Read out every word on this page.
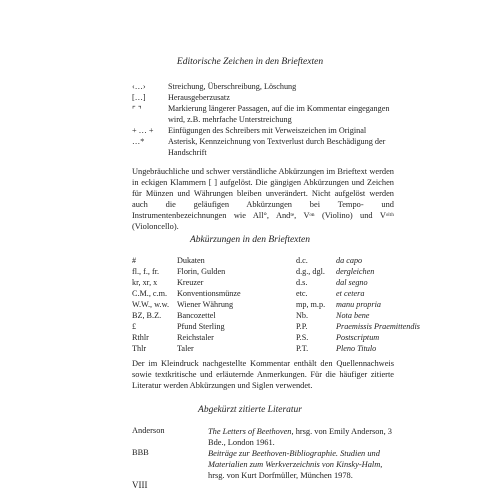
Editorische Zeichen in den Brieftexten
‹…›	Streichung, Überschreibung, Löschung
[…]	Herausgeberzusatz
⌜ ⌝	Markierung längerer Passagen, auf die im Kommentar eingegangen wird, z.B. mehrfache Unterstreichung
+ … + Einfügungen des Schreibers mit Verweiszeichen im Original
…*	Asterisk, Kennzeichnung von Textverlust durch Beschädigung der Handschrift
Ungebräuchliche und schwer verständliche Abkürzungen im Brieftext werden in eckigen Klammern [ ] aufgelöst. Die gängigen Abkürzungen und Zeichen für Münzen und Währungen bleiben unverändert. Nicht aufgelöst werden auch die geläufigen Abkürzungen bei Tempo- und Instrumentenbezeichnungen wie All°, Andᵗᵉ, Vᵒⁿ (Violino) und Vᵒˡᵗʰ (Violoncello).
Abkürzungen in den Brieftexten
#	Dukaten	d.c.	da capo
fl., f., fr. Florin, Gulden	d.g., dgl. dergleichen
kr, xr, x Kreuzer	d.s.	dal segno
C.M., c.m. Konventionsmünze	etc.	et cetera
W.W., w.w. Wiener Währung	mp, m.p. manu propria
BZ, B.Z. Bancozettel	Nb.	Nota bene
£	Pfund Sterling	P.P.	Praemissis Praemittendis
Rthlr	Reichstaler	P.S.	Postscriptum
Thlr	Taler	P.T.	Pleno Titulo
Der im Kleindruck nachgestellte Kommentar enthält den Quellennachweis sowie textkritische und erläuternde Anmerkungen. Für die häufiger zitierte Literatur werden Abkürzungen und Siglen verwendet.
Abgekürzt zitierte Literatur
Anderson	The Letters of Beethoven, hrsg. von Emily Anderson, 3 Bde., London 1961.
BBB	Beiträge zur Beethoven-Bibliographie. Studien und Materialien zum Werkverzeichnis von Kinsky-Halm, hrsg. von Kurt Dorfmüller, München 1978.
VIII
